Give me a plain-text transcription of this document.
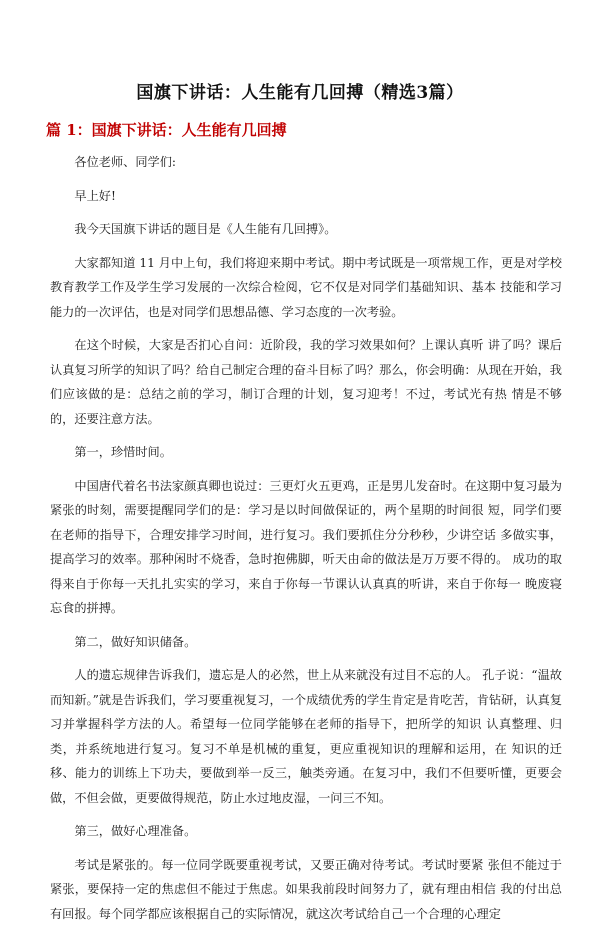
国旗下讲话：人生能有几回搏（精选3篇）
篇 1：国旗下讲话：人生能有几回搏

各位老师、同学们:

早上好!

我今天国旗下讲话的题目是《人生能有几回搏》。

大家都知道 11 月中上旬，我们将迎来期中考试。期中考试既是一项常规工作，更是对学校教育教学工作及学生学习发展的一次综合检阅，它不仅是对同学们基础知识、基本 技能和学习能力的一次评估，也是对同学们思想品德、学习态度的一次考验。

在这个时候，大家是否扪心自问：近阶段，我的学习效果如何？上课认真听 讲了吗？课后认真复习所学的知识了吗？给自己制定合理的奋斗目标了吗？那么，你会明确：从现在开始，我们应该做的是：总结之前的学习，制订合理的计划，复习迎考！不过，考试光有热 情是不够的，还要注意方法。

第一，珍惜时间。

中国唐代着名书法家颜真卿也说过：三更灯火五更鸡，正是男儿发奋时。在这期中复习最为紧张的时刻，需要提醒同学们的是：学习是以时间做保证的，两个星期的时间很 短，同学们要在老师的指导下，合理安排学习时间，进行复习。我们要抓住分分秒秒，少讲空话 多做实事，提高学习的效率。那种闲时不烧香，急时抱佛脚，听天由命的做法是万万要不得的。 成功的取得来自于你每一天扎扎实实的学习，来自于你每一节课认认真真的听讲，来自于你每一 晚废寝忘食的拼搏。

第二，做好知识储备。

人的遗忘规律告诉我们，遗忘是人的必然，世上从来就没有过目不忘的人。 孔子说：“温故而知新。”就是告诉我们，学习要重视复习，一个成绩优秀的学生肯定是肯吃苦，肯钻研，认真复习并掌握科学方法的人。希望每一位同学能够在老师的指导下，把所学的知识 认真整理、归类，并系统地进行复习。复习不单是机械的重复，更应重视知识的理解和运用，在 知识的迁移、能力的训练上下功夫，要做到举一反三，触类旁通。在复习中，我们不但要听懂，更要会做，不但会做，更要做得规范，防止水过地皮湿，一问三不知。

第三，做好心理准备。

考试是紧张的。每一位同学既要重视考试，又要正确对待考试。考试时要紧 张但不能过于紧张，要保持一定的焦虑但不能过于焦虑。如果我前段时间努力了，就有理由相信 我的付出总有回报。每个同学都应该根据自己的实际情况，就这次考试给自己一个合理的心理定
